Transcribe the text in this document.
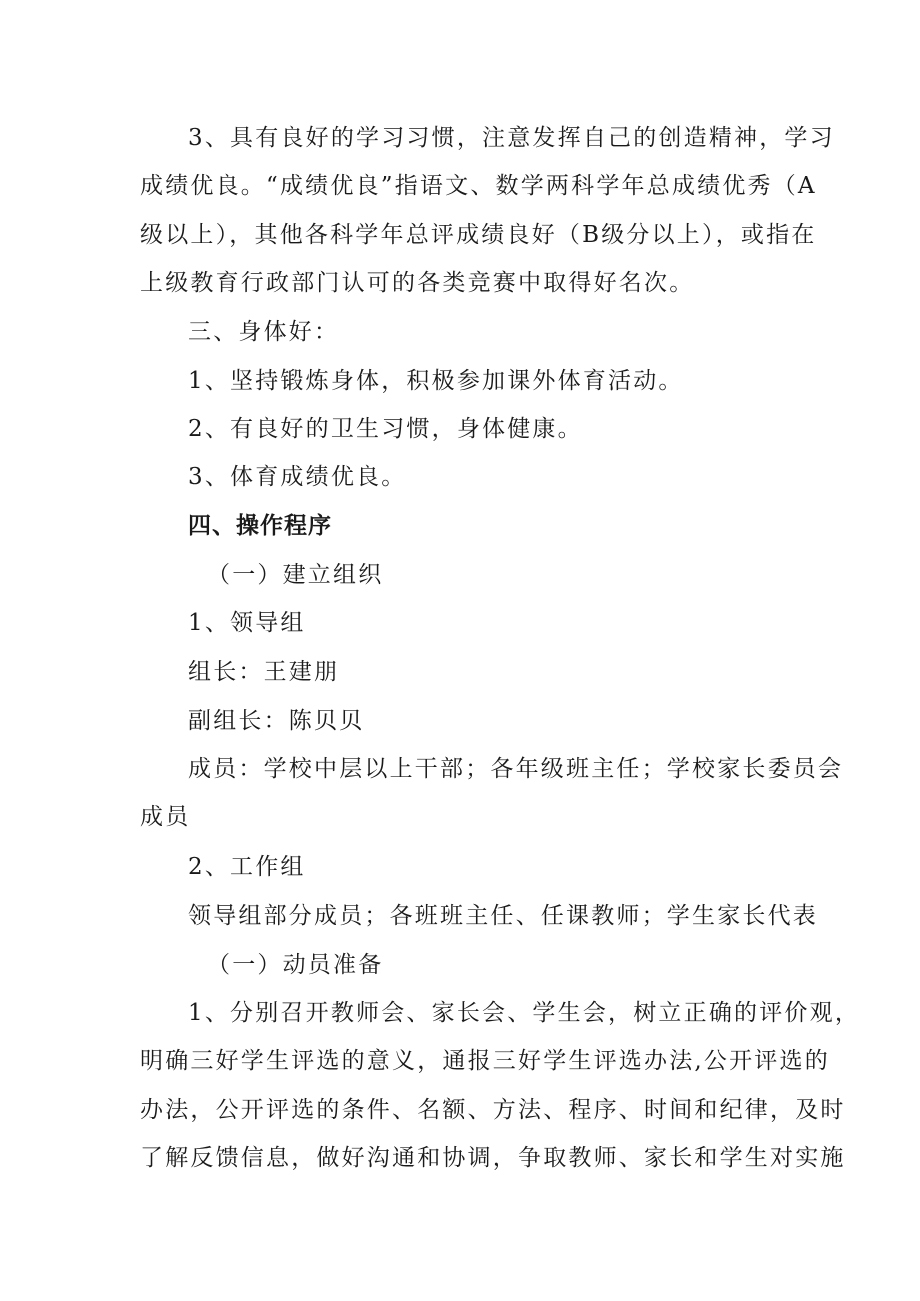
3、具有良好的学习习惯，注意发挥自己的创造精神，学习
成绩优良。“成绩优良”指语文、数学两科学年总成绩优秀（A
级以上），其他各科学年总评成绩良好（B级分以上），或指在
上级教育行政部门认可的各类竞赛中取得好名次。
三、身体好：
1、坚持锻炼身体，积极参加课外体育活动。
2、有良好的卫生习惯，身体健康。
3、体育成绩优良。
四、操作程序
（一）建立组织
1、领导组
组长：王建朋
副组长：陈贝贝
成员：学校中层以上干部；各年级班主任；学校家长委员会
成员
2、工作组
领导组部分成员；各班班主任、任课教师；学生家长代表
（一）动员准备
1、分别召开教师会、家长会、学生会，树立正确的评价观，
明确三好学生评选的意义，通报三好学生评选办法,公开评选的
办法，公开评选的条件、名额、方法、程序、时间和纪律，及时
了解反馈信息，做好沟通和协调，争取教师、家长和学生对实施
